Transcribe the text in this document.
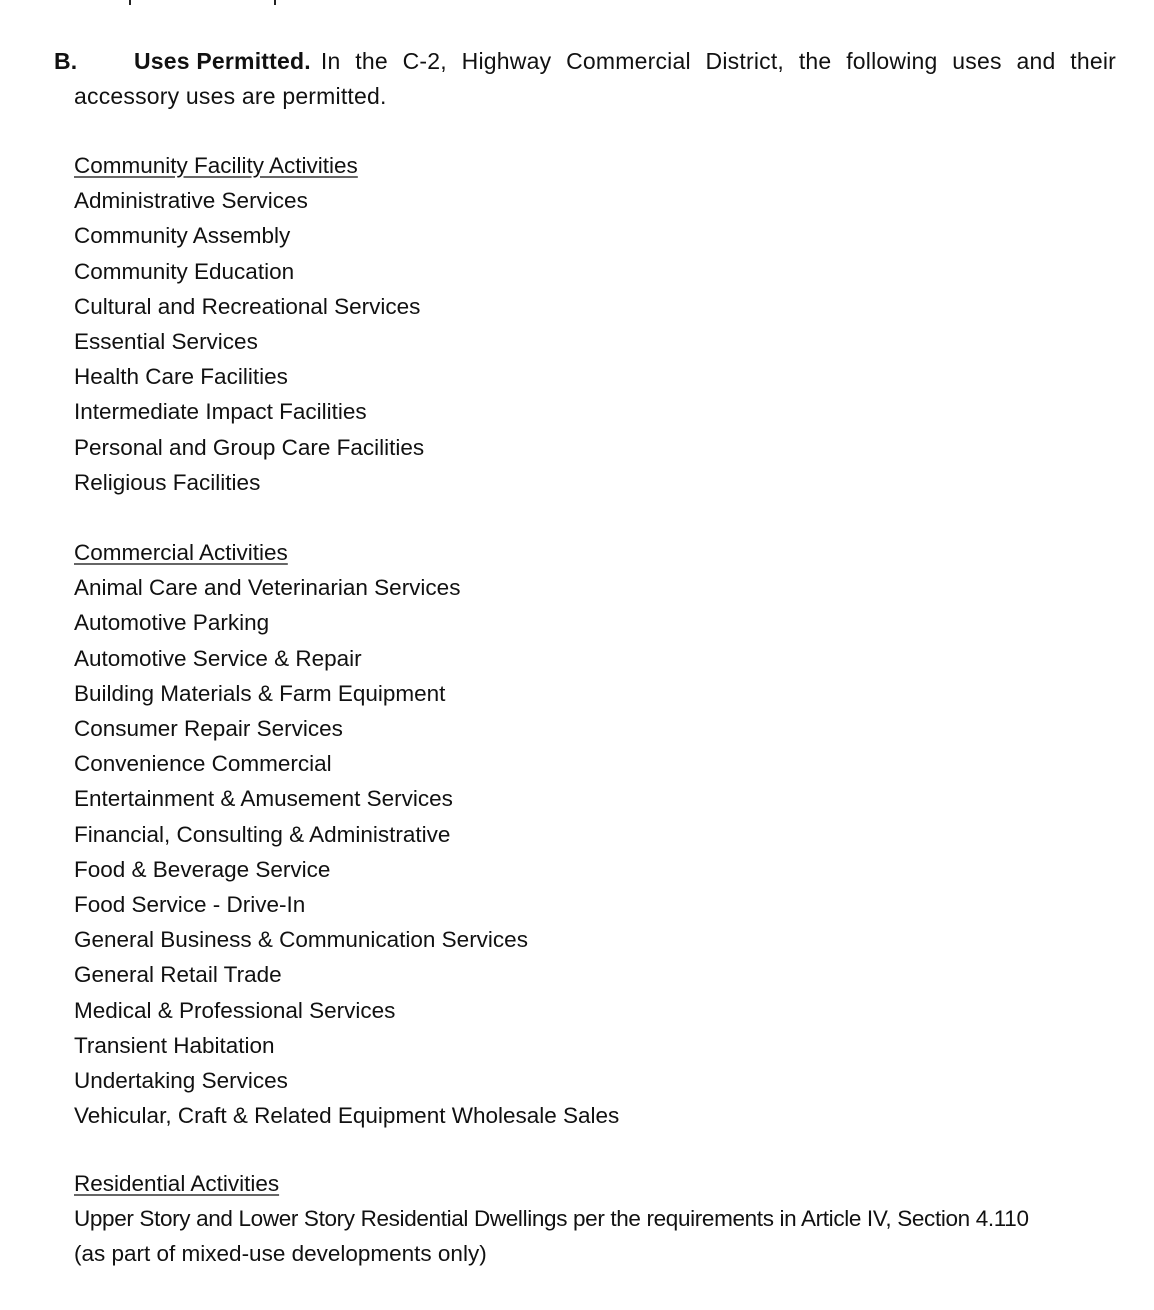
B. Uses Permitted. In the C-2, Highway Commercial District, the following uses and their
accessory uses are permitted.
Community Facility Activities
Administrative Services
Community Assembly
Community Education
Cultural and Recreational Services
Essential Services
Health Care Facilities
Intermediate Impact Facilities
Personal and Group Care Facilities
Religious Facilities
Commercial Activities
Animal Care and Veterinarian Services
Automotive Parking
Automotive Service & Repair
Building Materials & Farm Equipment
Consumer Repair Services
Convenience Commercial
Entertainment & Amusement Services
Financial, Consulting & Administrative
Food & Beverage Service
Food Service - Drive-In
General Business & Communication Services
General Retail Trade
Medical & Professional Services
Transient Habitation
Undertaking Services
Vehicular, Craft & Related Equipment Wholesale Sales
Residential Activities
Upper Story and Lower Story Residential Dwellings per the requirements in Article IV, Section 4.110
(as part of mixed-use developments only)
